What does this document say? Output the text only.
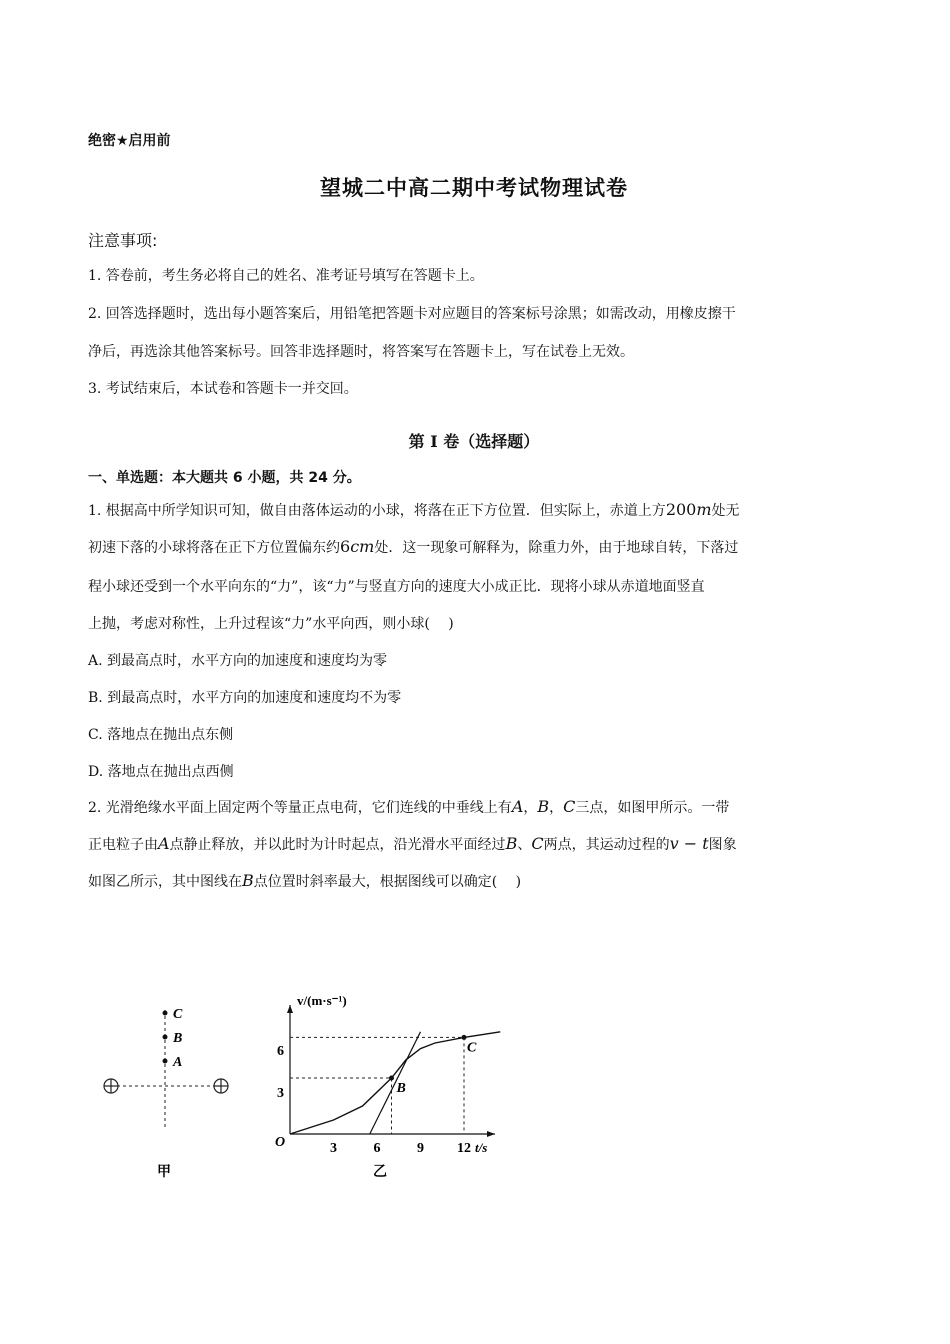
绝密★启用前
望城二中高二期中考试物理试卷
注意事项:
1. 答卷前，考生务必将自己的姓名、准考证号填写在答题卡上。
2. 回答选择题时，选出每小题答案后，用铅笔把答题卡对应题目的答案标号涂黑；如需改动，用橡皮擦干
净后，再选涂其他答案标号。回答非选择题时，将答案写在答题卡上，写在试卷上无效。
3. 考试结束后，本试卷和答题卡一并交回。
第 I 卷（选择题）
一、单选题：本大题共 6 小题，共 24 分。
1. 根据高中所学知识可知，做自由落体运动的小球，将落在正下方位置．但实际上，赤道上方200m处无
初速下落的小球将落在正下方位置偏东约6cm处．这一现象可解释为，除重力外，由于地球自转，下落过
程小球还受到一个水平向东的“力”，该“力”与竖直方向的速度大小成正比．现将小球从赤道地面竖直
上抛，考虑对称性，上升过程该“力”水平向西，则小球(　 )
A. 到最高点时，水平方向的加速度和速度均为零
B. 到最高点时，水平方向的加速度和速度均不为零
C. 落地点在抛出点东侧
D. 落地点在抛出点西侧
2. 光滑绝缘水平面上固定两个等量正点电荷，它们连线的中垂线上有A，B，C三点，如图甲所示。一带
正电粒子由A点静止释放，并以此时为计时起点，沿光滑水平面经过B、C两点，其运动过程的v − t图象
如图乙所示，其中图线在B点位置时斜率最大，根据图线可以确定(　 )
C
B
A
甲
v/(m·s⁻¹)
t/s
O	3	6	9 12
6
3	B
C
乙
